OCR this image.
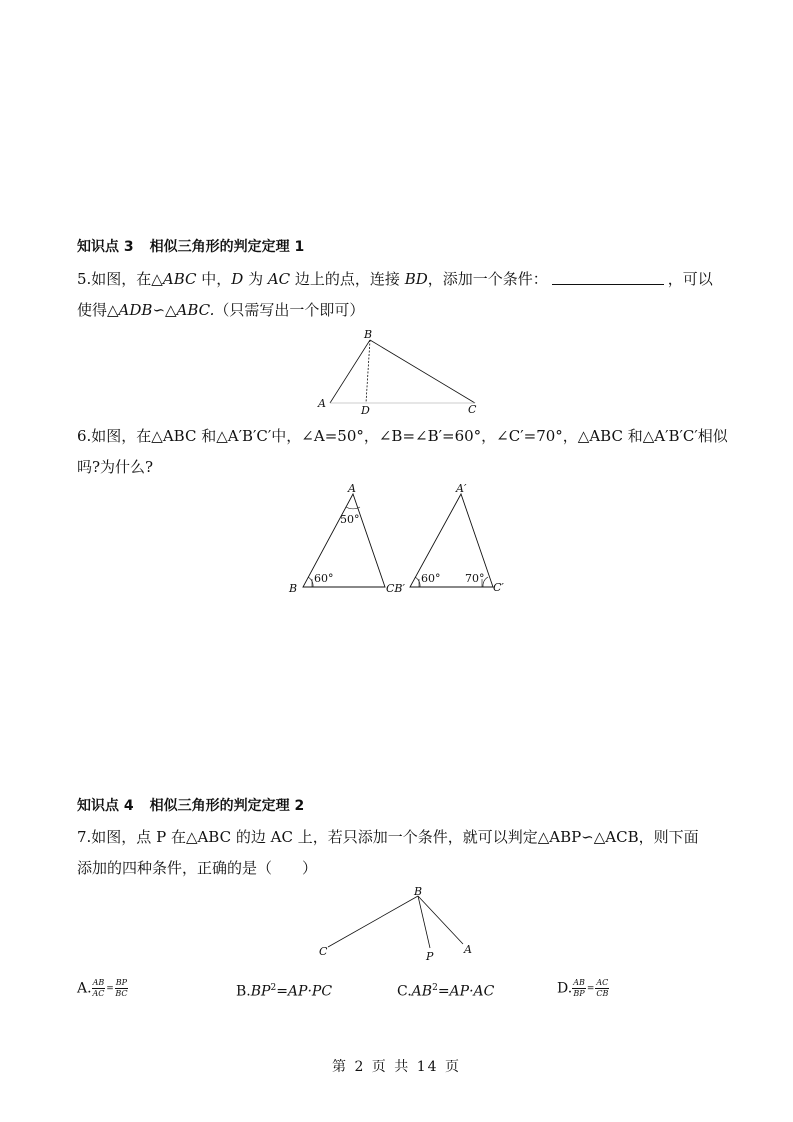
知识点 3 相似三角形的判定定理 1
5.如图，在△ABC 中，D 为 AC 边上的点，连接 BD，添加一个条件：	，可以
使得△ADB∽△ABC.（只需写出一个即可）
B
A
D	C
6.如图，在△ABC 和△A′B′C′中，∠A=50°，∠B=∠B′=60°，∠C′=70°，△ABC 和△A′B′C′相似
吗?为什么?
A
B	CB′
A′
C′
50°
60°	60° 70°
知识点 4 相似三角形的判定定理 2
7.如图，点 P 在△ABC 的边 AC 上，若只添加一个条件，就可以判定△ABP∽△ACB，则下面
添加的四种条件，正确的是（　　）
B
C	P
A
A. $\frac{AB}{AC} = \frac{BP}{BC}$	$B.BP^2=AP\cdot PC$	$C.AB^2=AP\cdot AC$	D. $\frac{AB}{BP} = \frac{AC}{CB}$
第 2 页 共 14 页
